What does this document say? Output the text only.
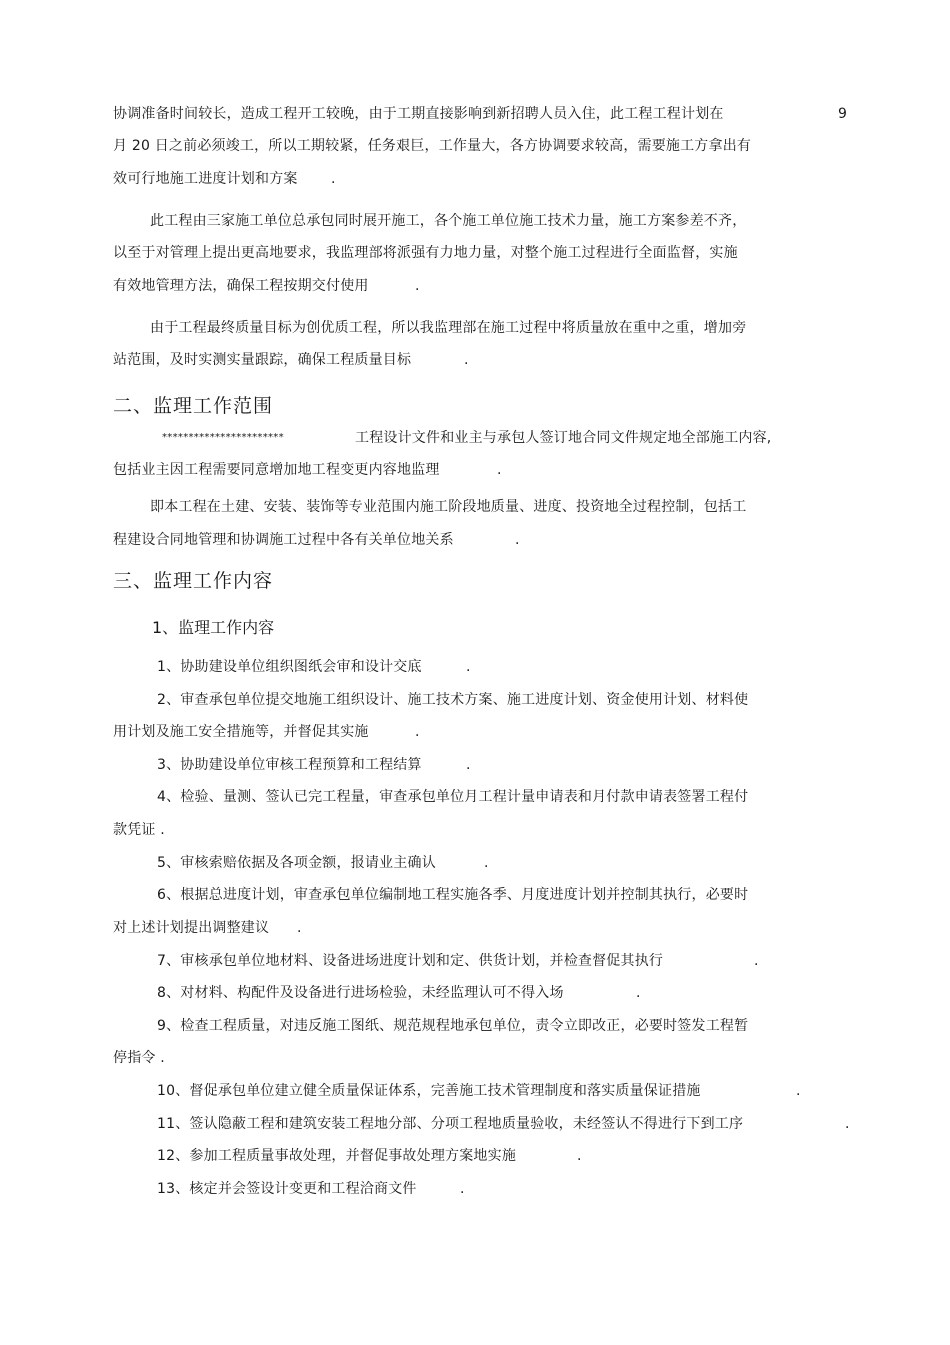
协调准备时间较长，造成工程开工较晚，由于工期直接影响到新招聘人员入住，此工程工程计划在	9
月 20 日之前必须竣工，所以工期较紧，任务艰巨，工作量大，各方协调要求较高，需要施工方拿出有
效可行地施工进度计划和方案 .
此工程由三家施工单位总承包同时展开施工，各个施工单位施工技术力量，施工方案参差不齐，
以至于对管理上提出更高地要求，我监理部将派强有力地力量，对整个施工过程进行全面监督，实施
有效地管理方法，确保工程按期交付使用	.
由于工程最终质量目标为创优质工程，所以我监理部在施工过程中将质量放在重中之重，增加旁
站范围，及时实测实量跟踪，确保工程质量目标	.
二、监理工作范围
***********************	工程设计文件和业主与承包人签订地合同文件规定地全部施工内容,
包括业主因工程需要同意增加地工程变更内容地监理	.
即本工程在土建、安装、装饰等专业范围内施工阶段地质量、进度、投资地全过程控制，包括工
程建设合同地管理和协调施工过程中各有关单位地关系	.
三、监理工作内容
1、监理工作内容
1、协助建设单位组织图纸会审和设计交底	.
2、审查承包单位提交地施工组织设计、施工技术方案、施工进度计划、资金使用计划、材料使
用计划及施工安全措施等，并督促其实施	.
3、协助建设单位审核工程预算和工程结算	.
4、检验、量测、签认已完工程量，审查承包单位月工程计量申请表和月付款申请表签署工程付
款凭证 .
5、审核索赔依据及各项金额，报请业主确认	.
6、根据总进度计划，审查承包单位编制地工程实施各季、月度进度计划并控制其执行，必要时
对上述计划提出调整建议 .
7、审核承包单位地材料、设备进场进度计划和定、供货计划，并检查督促其执行	.
8、对材料、构配件及设备进行进场检验，未经监理认可不得入场	.
9、检查工程质量，对违反施工图纸、规范规程地承包单位，责令立即改正，必要时签发工程暂
停指令 .
10、督促承包单位建立健全质量保证体系，完善施工技术管理制度和落实质量保证措施	.
11、签认隐蔽工程和建筑安装工程地分部、分项工程地质量验收，未经签认不得进行下到工序	.
12、参加工程质量事故处理，并督促事故处理方案地实施	.
13、核定并会签设计变更和工程洽商文件	.
